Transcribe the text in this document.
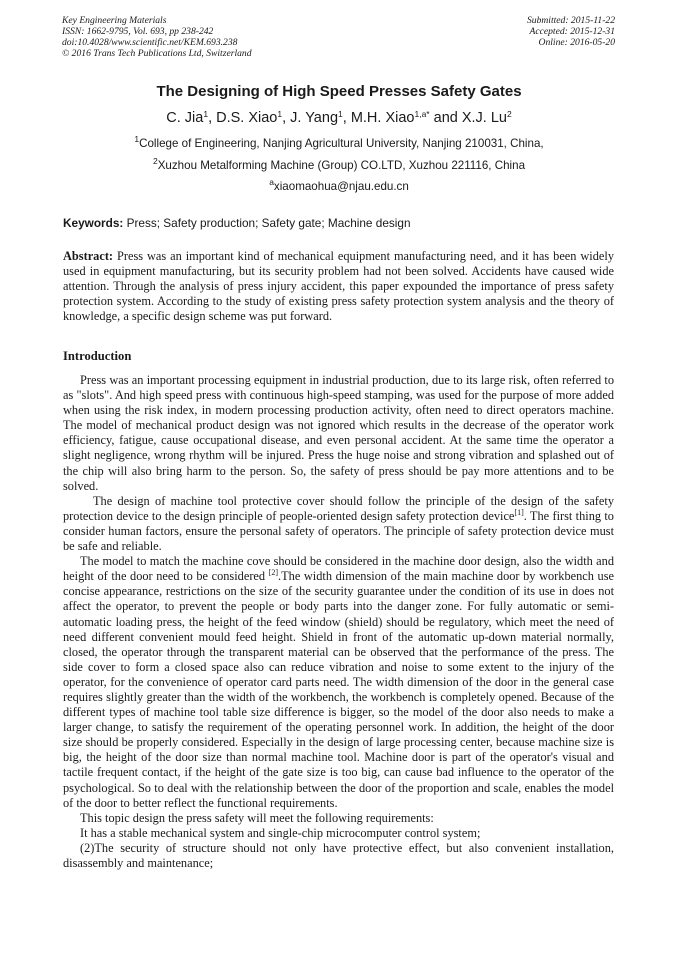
Key Engineering Materials
ISSN: 1662-9795, Vol. 693, pp 238-242
doi:10.4028/www.scientific.net/KEM.693.238
© 2016 Trans Tech Publications Ltd, Switzerland
Submitted: 2015-11-22
Accepted: 2015-12-31
Online: 2016-05-20
The Designing of High Speed Presses Safety Gates
C. Jia$^1$, D.S. Xiao$^1$, J. Yang$^1$, M.H. Xiao$^{1,a*}$ and X.J. Lu$^2$
$^1$College of Engineering, Nanjing Agricultural University, Nanjing 210031, China,
$^2$Xuzhou Metalforming Machine (Group) CO.LTD, Xuzhou 221116, China
$^a$xiaomaohua@njau.edu.cn
Keywords: Press; Safety production; Safety gate; Machine design

Abstract: Press was an important kind of mechanical equipment manufacturing need, and it has been widely used in equipment manufacturing, but its security problem had not been solved. Accidents have caused wide attention. Through the analysis of press injury accident, this paper expounded the importance of press safety protection system. According to the study of existing press safety protection system analysis and the theory of knowledge, a specific design scheme was put forward.

Introduction

Press was an important processing equipment in industrial production, due to its large risk, often referred to as "slots". And high speed press with continuous high-speed stamping, was used for the purpose of more added when using the risk index, in modern processing production activity, often need to direct operators machine. The model of mechanical product design was not ignored which results in the decrease of the operator work efficiency, fatigue, cause occupational disease, and even personal accident. At the same time the operator a slight negligence, wrong rhythm will be injured. Press the huge noise and strong vibration and splashed out of the chip will also bring harm to the person. So, the safety of press should be pay more attentions and to be solved.

The design of machine tool protective cover should follow the principle of the design of the safety protection device to the design principle of people-oriented design safety protection device[1]. The first thing to consider human factors, ensure the personal safety of operators. The principle of safety protection device must be safe and reliable.

The model to match the machine cove should be considered in the machine door design, also the width and height of the door need to be considered [2].The width dimension of the main machine door by workbench use concise appearance, restrictions on the size of the security guarantee under the condition of its use in does not affect the operator, to prevent the people or body parts into the danger zone. For fully automatic or semi-automatic loading press, the height of the feed window (shield) should be regulatory, which meet the need of need different convenient mould feed height. Shield in front of the automatic up-down material normally, closed, the operator through the transparent material can be observed that the performance of the press. The side cover to form a closed space also can reduce vibration and noise to some extent to the injury of the operator, for the convenience of operator card parts need. The width dimension of the door in the general case requires slightly greater than the width of the workbench, the workbench is completely opened. Because of the different types of machine tool table size difference is bigger, so the model of the door also needs to make a larger change, to satisfy the requirement of the operating personnel work. In addition, the height of the door size should be properly considered. Especially in the design of large processing center, because machine size is big, the height of the door size than normal machine tool. Machine door is part of the operator's visual and tactile frequent contact, if the height of the gate size is too big, can cause bad influence to the operator of the psychological. So to deal with the relationship between the door of the proportion and scale, enables the model of the door to better reflect the functional requirements.

This topic design the press safety will meet the following requirements:

It has a stable mechanical system and single-chip microcomputer control system;

(2)The security of structure should not only have protective effect, but also convenient installation, disassembly and maintenance;
